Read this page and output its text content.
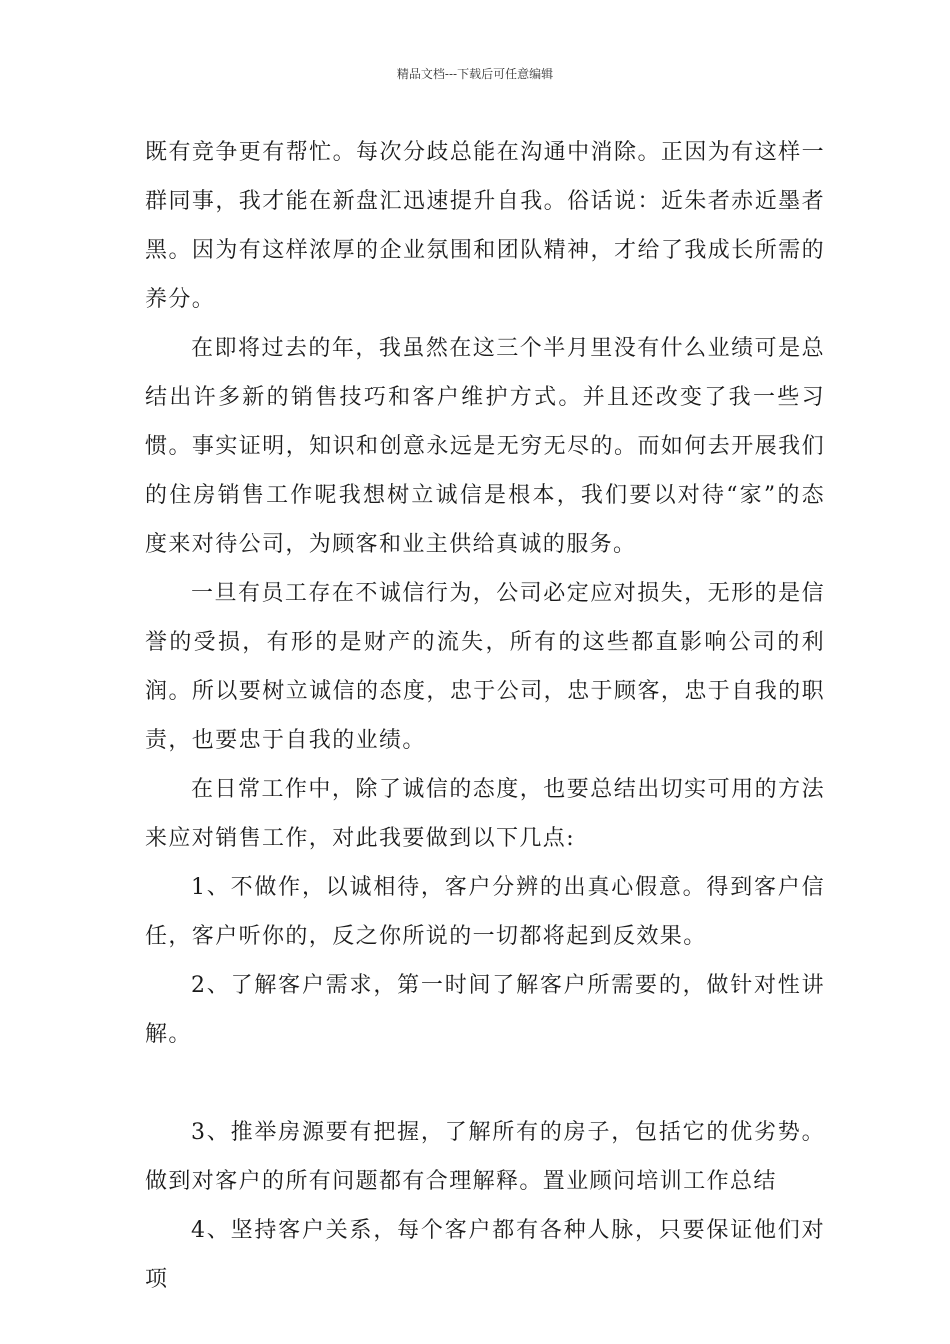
精品文档---下载后可任意编辑

既有竞争更有帮忙。每次分歧总能在沟通中消除。正因为有这样一群同事，我才能在新盘汇迅速提升自我。俗话说：近朱者赤近墨者黑。因为有这样浓厚的企业氛围和团队精神，才给了我成长所需的养分。

在即将过去的年，我虽然在这三个半月里没有什么业绩可是总结出许多新的销售技巧和客户维护方式。并且还改变了我一些习惯。事实证明，知识和创意永远是无穷无尽的。而如何去开展我们的住房销售工作呢我想树立诚信是根本，我们要以对待“家”的态度来对待公司，为顾客和业主供给真诚的服务。

一旦有员工存在不诚信行为，公司必定应对损失，无形的是信誉的受损，有形的是财产的流失，所有的这些都直影响公司的利润。所以要树立诚信的态度，忠于公司，忠于顾客，忠于自我的职责，也要忠于自我的业绩。

在日常工作中，除了诚信的态度，也要总结出切实可用的方法来应对销售工作，对此我要做到以下几点:

1、不做作，以诚相待，客户分辨的出真心假意。得到客户信任，客户听你的，反之你所说的一切都将起到反效果。

2、了解客户需求，第一时间了解客户所需要的，做针对性讲解。

3、推举房源要有把握，了解所有的房子，包括它的优劣势。做到对客户的所有问题都有合理解释。置业顾问培训工作总结

4、坚持客户关系，每个客户都有各种人脉，只要保证他们对项
